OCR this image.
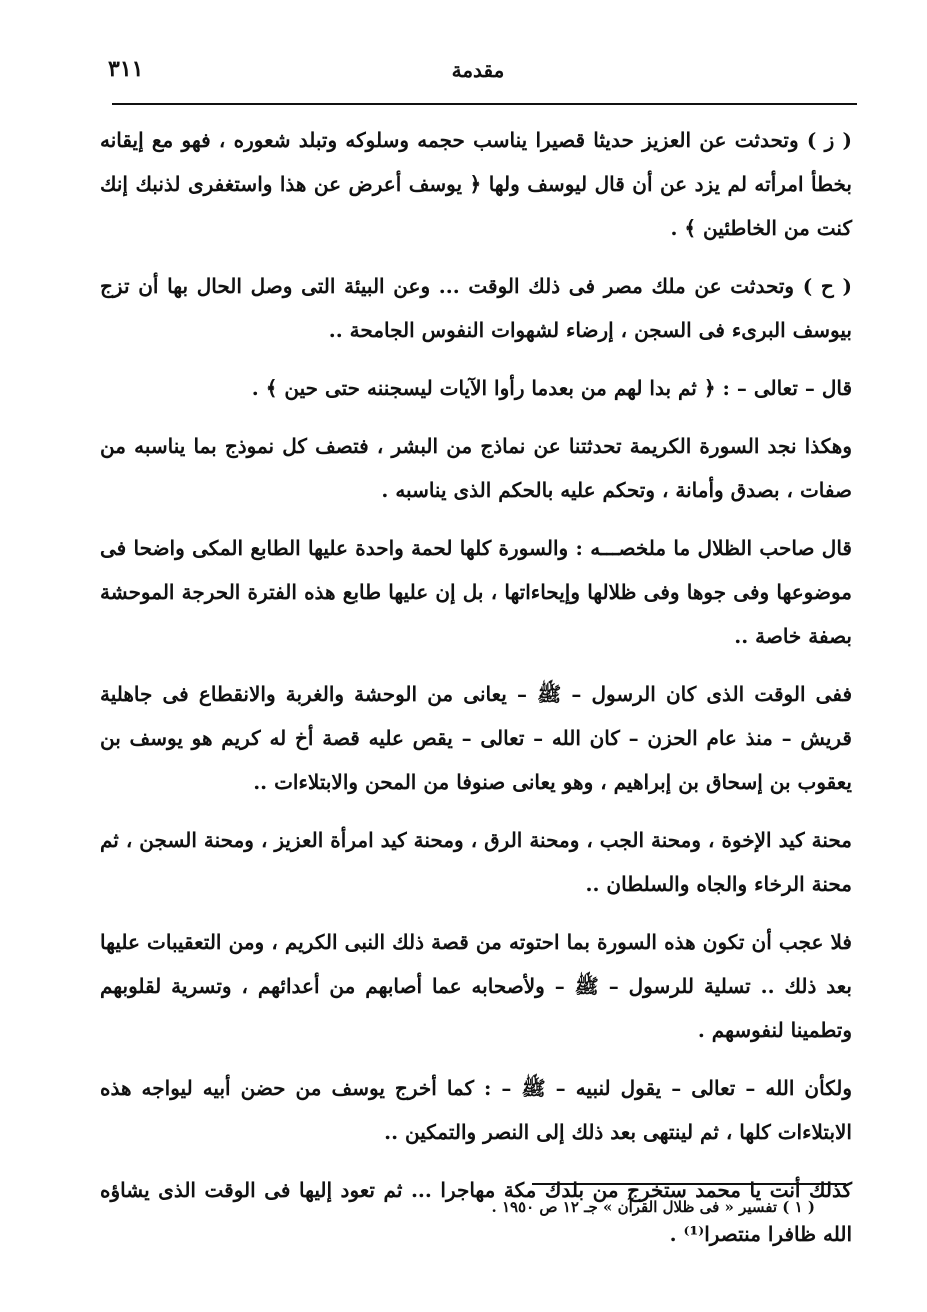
٣١١	مقدمة

( ز ) وتحدثت عن العزيز حديثا قصيرا يناسب حجمه وسلوكه وتبلد شعوره ، فهو مع إيقانه بخطأ امرأته لم يزد عن أن قال ليوسف ولها ﴿ يوسف أعرض عن هذا واستغفرى لذنبك إنك كنت من الخاطئين ﴾ .

( ح ) وتحدثت عن ملك مصر فى ذلك الوقت ... وعن البيئة التى وصل الحال بها أن تزج بيوسف البرىء فى السجن ، إرضاء لشهوات النفوس الجامحة ..

قال – تعالى – : ﴿ ثم بدا لهم من بعدما رأوا الآيات ليسجننه حتى حين ﴾ .

وهكذا نجد السورة الكريمة تحدثتنا عن نماذج من البشر ، فتصف كل نموذج بما يناسبه من صفات ، بصدق وأمانة ، وتحكم عليه بالحكم الذى يناسبه .

قال صاحب الظلال ما ملخصـــه : والسورة كلها لحمة واحدة عليها الطابع المكى واضحا فى موضوعها وفى جوها وفى ظلالها وإيحاءاتها ، بل إن عليها طابع هذه الفترة الحرجة الموحشة بصفة خاصة ..

ففى الوقت الذى كان الرسول – ﷺ – يعانى من الوحشة والغربة والانقطاع فى جاهلية قريش – منذ عام الحزن – كان الله – تعالى – يقص عليه قصة أخ له كريم هو يوسف بن يعقوب بن إسحاق بن إبراهيم ، وهو يعانى صنوفا من المحن والابتلاءات ..

محنة كيد الإخوة ، ومحنة الجب ، ومحنة الرق ، ومحنة كيد امرأة العزيز ، ومحنة السجن ، ثم محنة الرخاء والجاه والسلطان ..

فلا عجب أن تكون هذه السورة بما احتوته من قصة ذلك النبى الكريم ، ومن التعقيبات عليها بعد ذلك .. تسلية للرسول – ﷺ – ولأصحابه عما أصابهم من أعدائهم ، وتسرية لقلوبهم وتطمينا لنفوسهم .

ولكأن الله – تعالى – يقول لنبيه – ﷺ – : كما أخرج يوسف من حضن أبيه ليواجه هذه الابتلاءات كلها ، ثم لينتهى بعد ذلك إلى النصر والتمكين ..

كذلك أنت يا محمد ستخرج من بلدك مكة مهاجرا ... ثم تعود إليها فى الوقت الذى يشاؤه الله ظافرا منتصرا⁽¹⁾ .

( ١ ) تفسير « فى ظلال القرآن » جـ ١٢ ص ١٩٥٠ .
